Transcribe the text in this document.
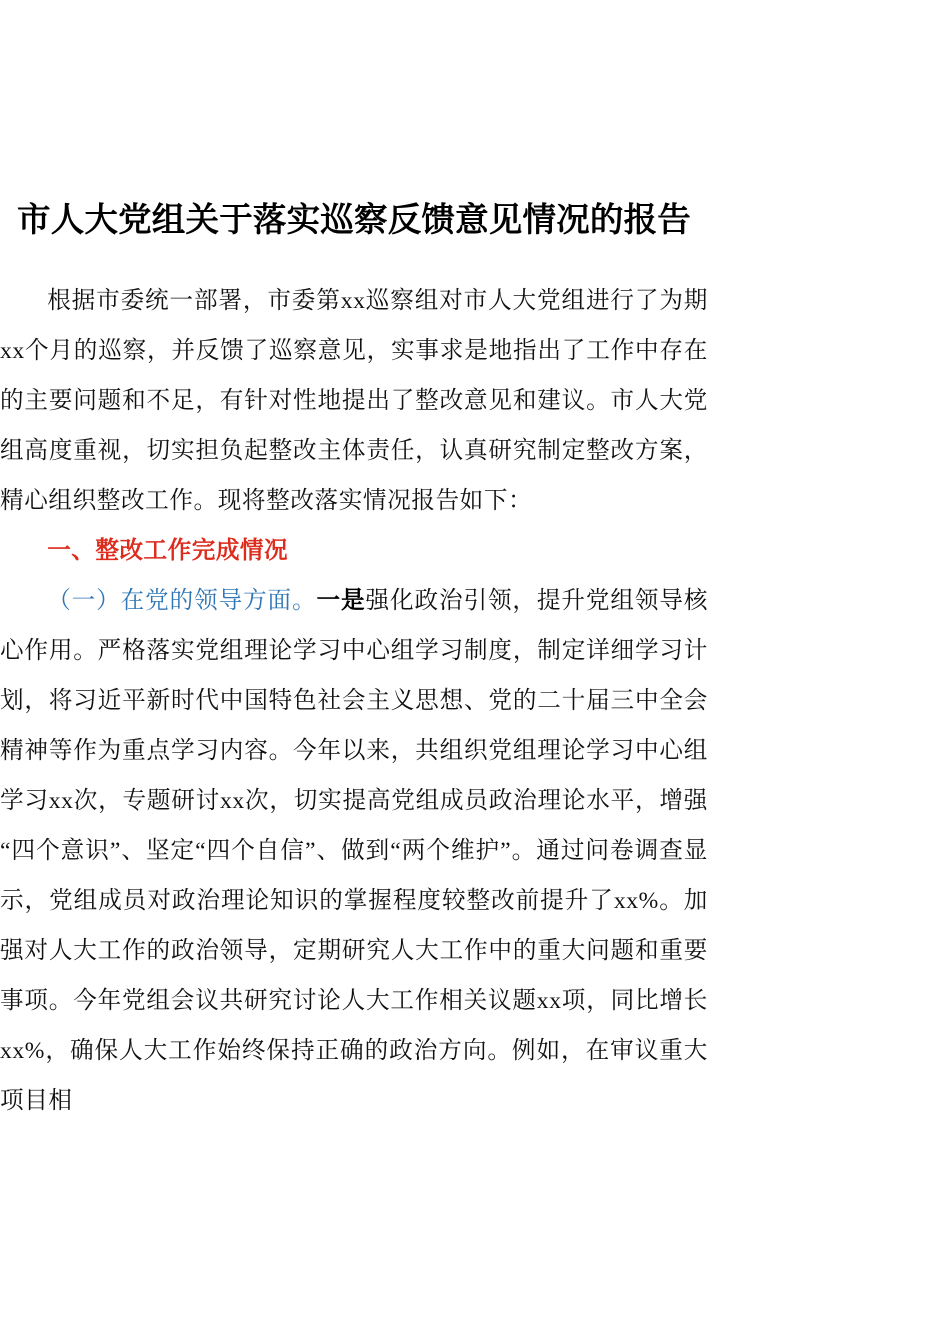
市人大党组关于落实巡察反馈意见情况的报告

根据市委统一部署，市委第xx巡察组对市人大党组进行了为期xx个月的巡察，并反馈了巡察意见，实事求是地指出了工作中存在的主要问题和不足，有针对性地提出了整改意见和建议。市人大党组高度重视，切实担负起整改主体责任，认真研究制定整改方案，精心组织整改工作。现将整改落实情况报告如下：

一、整改工作完成情况

（一）在党的领导方面。一是强化政治引领，提升党组领导核心作用。严格落实党组理论学习中心组学习制度，制定详细学习计划，将习近平新时代中国特色社会主义思想、党的二十届三中全会精神等作为重点学习内容。今年以来，共组织党组理论学习中心组学习xx次，专题研讨xx次，切实提高党组成员政治理论水平，增强“四个意识”、坚定“四个自信”、做到“两个维护”。通过问卷调查显示，党组成员对政治理论知识的掌握程度较整改前提升了xx%。加强对人大工作的政治领导，定期研究人大工作中的重大问题和重要事项。今年党组会议共研究讨论人大工作相关议题xx项，同比增长xx%，确保人大工作始终保持正确的政治方向。例如，在审议重大项目相
